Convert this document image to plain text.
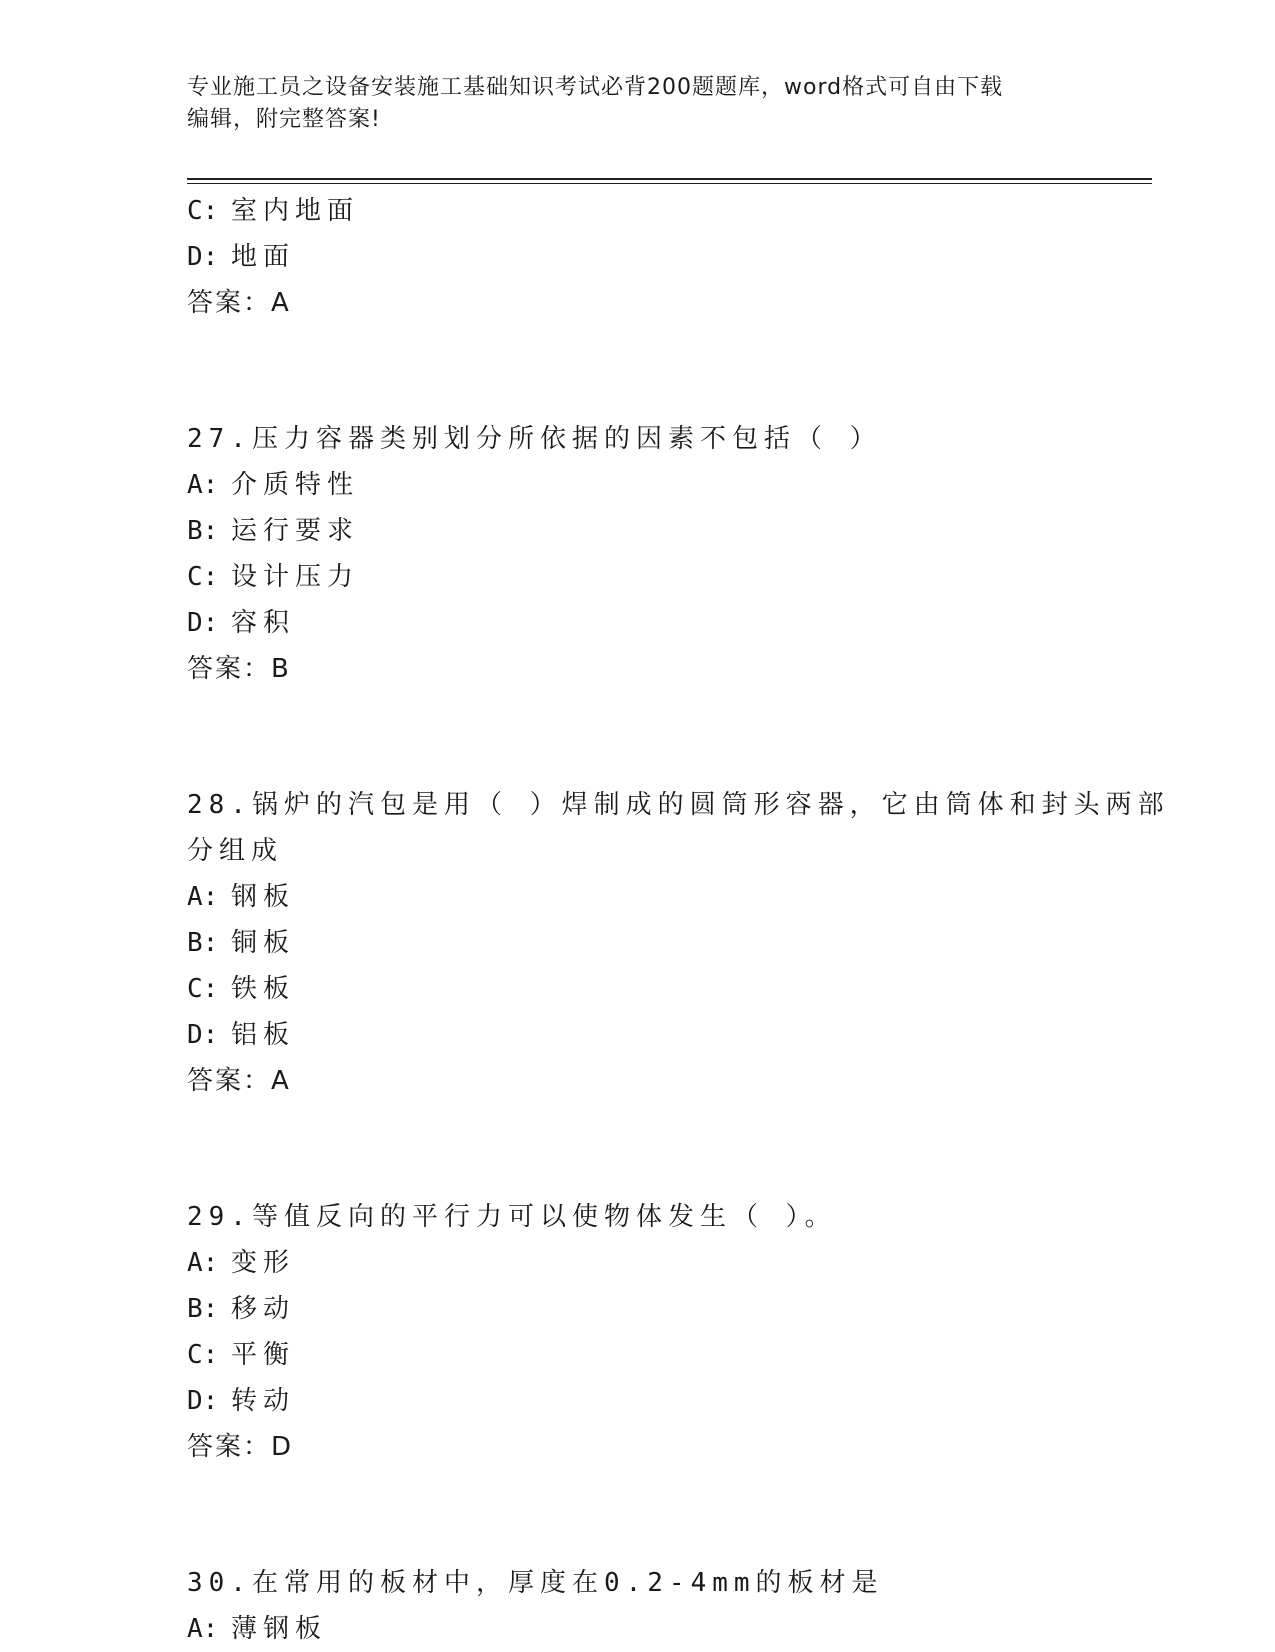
专业施工员之设备安装施工基础知识考试必背200题题库，word格式可自由下载
编辑，附完整答案!
C: 室内地面
D: 地面
答案：A
27.压力容器类别划分所依据的因素不包括（ ）
A: 介质特性
B: 运行要求
C: 设计压力
D: 容积
答案：B
28.锅炉的汽包是用（ ）焊制成的圆筒形容器，它由筒体和封头两部
分组成
A: 钢板
B: 铜板
C: 铁板
D: 铝板
答案：A
29.等值反向的平行力可以使物体发生（ ）。
A: 变形
B: 移动
C: 平衡
D: 转动
答案：D
30.在常用的板材中，厚度在0.2-4mm的板材是
A: 薄钢板
